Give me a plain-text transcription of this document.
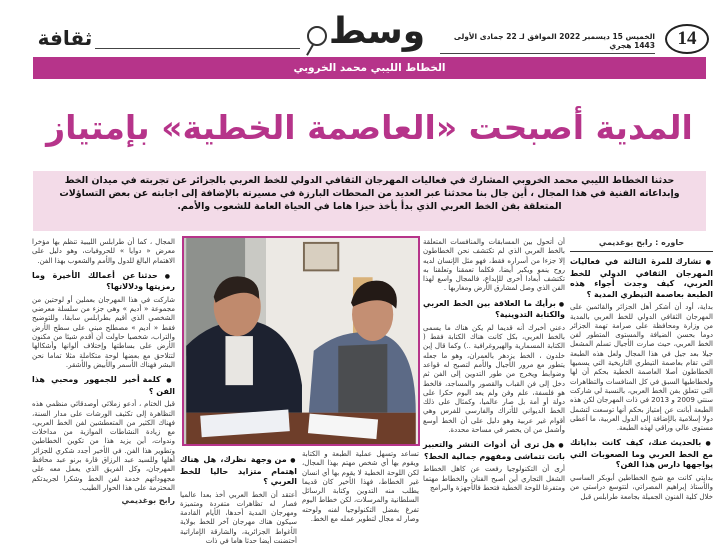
14
الخميس 15 ديسمبر 2022 الموافق لـ 22 جمادى الأولى 1443 هجري
وسط
ثقافة
الخطاط الليبي محمد الخروبي
المدية أصبحت «العاصمة الخطية» بإمتياز
حدثنا الخطاط الليبي محمد الخروبي المشارك في فعاليات المهرجان الثقافي الدولي للخط العربي بالجزائر عن تجربته في ميدان الخط وإبداعاته الفنية في هذا المجال ، أين جال بنا محدثنا عبر العديد من المحطات البارزة في مسيرته بالإضافة إلى اجابته عن بعض التساؤلات المتعلقة بفن الخط العربي الذي بدأ يأخذ حيزا هاما في الحياة العامة للشعوب والأمم.
حاوره : رابح بوغديمي
● تشارك للمرة الثالثة في فعاليات المهرجان الثقافي الدولي للخط العربي، كيف وجدت أجواء هذه الطبعة بعاصمة التيطري المدية ؟

بداية، أود أن أشكر أهل الجزائر والقائمين على المهرجان الثقافي الدولي للخط العربي بالمدية من وزارة ومحافظة على صرامة تهمة الجزائر دوما بحسن الضيافة والمستوى المتطور لفن الخط العربي، حيث صارت الأجيال تسلم المشعل جيلا بعد جيل في هذا المجال ولعل هذه الطبعة التي تقام بعاصمة التيطري التاريخية التي يسميها الخطاطون أصلا العاصمة الخطية بحكم أن لها ولخطاطيها السبق في كل المنافسات والتظاهرات التي تتعلق بفن الخط العربي، بالنسبة لي شاركت سنتي 2009 و 2013 في ذات المهرجان لكن هذه الطبعة أبانت عن إمتياز بحكم أنها توسعت لتشمل دولا إسلامية بالإضافة إلى الدول العربية، ما أعطى مستوى عالي وراقي لهذه الطبعة.

● بالحديث عنك، كيف كانت بداياتك مع الخط العربي وما الصعوبات التي يواجهها دارس هذا الفن؟

بدايتي كانت مع شيخ الخطاطين أبوبكر الساسي والأستاذ إبراهيم المصراتي، لتتوسع دراستي من خلال كلية الفنون الجميلة بجامعة طرابلس قبل

أن أتحول بين المسابقات والمنافسات المتعلقة بالخط العربي الذي لم تكتشف نحن الخطاطون إلا جزءا من أسراره فقط، فهو مثل الإنسان لديه روح ينمو ويكبر أيضا، فكلما تعمقنا وتعلقنا به تكتشف أبعادا أخرى للإبداع، فالمجال واسع لهذا الفن الذي وصل لمشارق الأرض ومغاربها .

● برأيك ما العلاقة بين الخط العربي والكتابة التدوينية؟

دعني أخبرك أنه قديما لم يكن هناك ما يسمى بالخط العربي، بكل كانت هناك الكتابة فقط ( الكتابة المسمارية والهيروغرافية ..) وكما قال إبن خلدون ، الخط يزدهر بالعمران، وهو ما جعله يتطور مع مرور الأجيال والأمم لتصبح له قواعد وضوابط ويخرج من طور التدوين إلى الفن ثم دخل إلى فن القباب والقصور والمساجد، فالخط هو فلسفة، علم وفن ولم يعد اليوم حكرا على دولة أو أمة بل صار عالميا، وكمثال على ذلك الخط الديواني للأتراك والفارسي للفرس وهي أقوام غير عربية وهو دليل على أن الخط أوسع وأشمل من ان يحصر في مساحة محددة.

● هل ترى أن أدوات النشر والتعبير باتت تتماشى ومفهوم جمالية الخط؟

أرى أن التكنولوجيا رفعت عن كاهل الخطاط الشغل التجاري أين أصبح الفنان والخطاط مهتما ومتفرغا للوحة الخطية فتحط فالأجهزة والبرامج

تساعد وتسهل عملية الطبعة و الكتابة ويقوم بها أي شخص مهتم بهذا المجال، لكن اللوحة الخطية لا يقوم بها أي انسان غير الخطاط، فهذا الأخير كان قديما يطلب منه التدوين وكتابة الرسائل السلطانية والمرسلات، لكن خطاط اليوم تفرغ بفضل التكنولوجيا لفنه ولوحته وصار له مجال لتطوير عمله مع الخط.

● من وجهة نظرك، هل هناك اهتمام متزايد حاليا للخط العربي ؟

أعتقد أن الخط العربي أخذ بعدا عالميا فصار له تظاهرات متفردة ومتميزة ومهرجان المدية أحدها، الأيام القادمة سيكون هناك مهرجان آخر للخط بولاية الأغواط الجزائرية، والشارقة الإماراتية أحتضنت أيضا حدثا هاما في ذات

المجال ، كما أن طرابلس الليبية تنظم بها مؤخرا معرض « دوايا » للحروفيات، وهو دليل على الاهتمام البالغ للدول والأمم والشعوب بهذا الفن.

● حدثنا عن أعمالك الأخيرة وما رمزيتها ودلالاتها؟

شاركت في هذا المهرجان بعملين أو لوحتين من مجموعة « أديم » وهي جزء من سلسلة معرضي الشخصي الذي أقيم بطرابلس سابقا، وللتوضيح فقط « أديم » مصطلح مبني على سطح الأرض والتراب، شخصيا حاولت أن أقدم شيئا من مكنون الأرض على بساطتها وإختلاف ألوانها وأشكالها لتتلاحق مع بعضها لوحة متكاملة مثلا تماما نحن البشر فهناك الأسمر والأبيض والأشقر.

● كلمة أخير للجمهور ومحبي هذا الفن ؟

قبل الختام ، أدعو زملائي أوصدقائي منظمي هذه التظاهرة إلى تكثيف الورشات على مدار السنة، فهناك الكثير من المتعطشين لفن الخط العربي، مع زيادة النشاطات الموازية من مداخلات وندوات، أين يزيد هذا من تكوين الخطاطين وتطوير هذا الفن. في الأخير أجدد شكري للجزائر أهلها وللسيد عبد الرزاق قارة برنو عبد محافظ المهرجان، وكل الفريق الذي يعمل معه على مجهوداتهم خدمة لفن الخط وشكرا لجريدتكم المحترمة على هذا الحوار الطيب.

رابح بوغديمي
